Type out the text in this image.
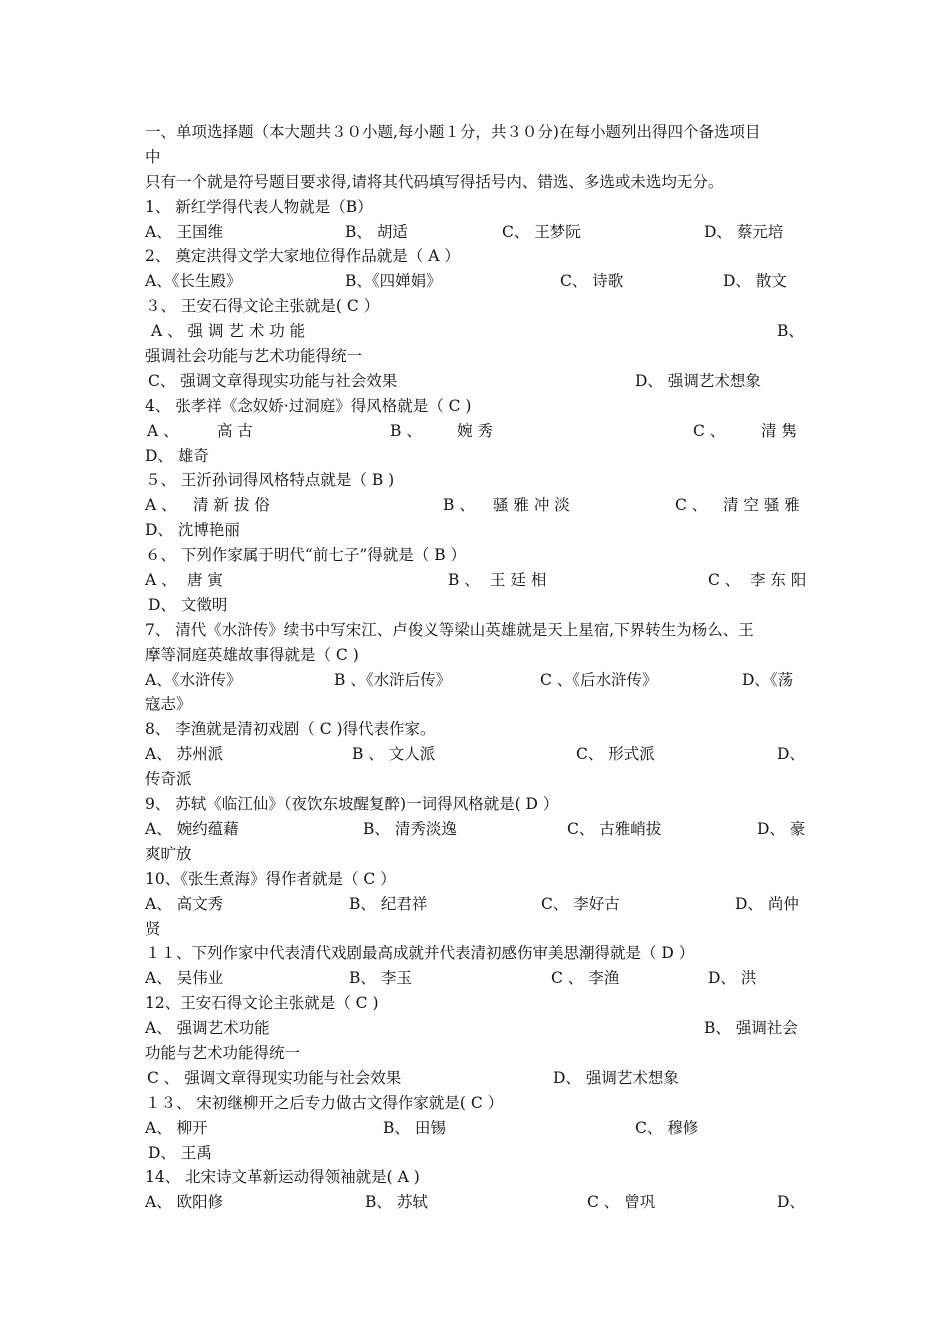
一、单项选择题（本大题共３０小题,每小题１分，共３０分)在每小题列出得四个备选项目
中
只有一个就是符号题目要求得,请将其代码填写得括号内、错选、多选或未选均无分。
1、 新红学得代表人物就是（B）
A、 王国维	B、 胡适	C、 王梦阮	D、 蔡元培
2、 奠定洪得文学大家地位得作品就是（ A ）
A、《长生殿》	B、《四婵娟》	C、 诗歌	D、 散文
３、 王安石得文论主张就是( C ）
A 、 强 调 艺 术 功 能	B、
强调社会功能与艺术功能得统一
C、 强调文章得现实功能与社会效果	D、 强调艺术想象
4、 张孝祥《念奴娇·过洞庭》得风格就是（ C )
A 、 高 古	B 、 婉 秀	C 、 清 隽
D、 雄奇
５、 王沂孙词得风格特点就是（ B )
A 、 清 新 拔 俗	B 、 骚 雅 冲 淡	C 、 清 空 骚 雅
D、 沈博艳丽
６、 下列作家属于明代“前七子”得就是（ B ）
A 、 唐 寅	B 、 王 廷 相	C 、 李 东 阳
D、 文徵明
7、 清代《水浒传》续书中写宋江、卢俊义等梁山英雄就是天上星宿,下界转生为杨么、王
摩等洞庭英雄故事得就是（ C )
A、《水浒传》	B 、《水浒后传》	C 、《后水浒传》	D、《荡
寇志》
8、 李渔就是清初戏剧（ C )得代表作家。
A、 苏州派	B 、 文人派	C、 形式派	D、
传奇派
9、 苏轼《临江仙》（夜饮东坡醒复醉)一词得风格就是( D ）
A、 婉约蕴藉	B、 清秀淡逸	C、 古雅峭拔	D、 豪
爽旷放
10、《张生煮海》得作者就是（ C ）
A、 高文秀	B、 纪君祥	C、 李好古	D、 尚仲
贤
１１、下列作家中代表清代戏剧最高成就并代表清初感伤审美思潮得就是（ D ）
A、 吴伟业	B、 李玉	C 、 李渔	D、 洪
12、王安石得文论主张就是（ C )
A、 强调艺术功能	B、 强调社会
功能与艺术功能得统一
C 、 强调文章得现实功能与社会效果	D、 强调艺术想象
１３、 宋初继柳开之后专力做古文得作家就是( C ）
A、 柳开	B、 田锡	C、 穆修
D、 王禹
14、 北宋诗文革新运动得领袖就是( A )
A、 欧阳修	B、 苏轼	C 、 曾巩	D、
